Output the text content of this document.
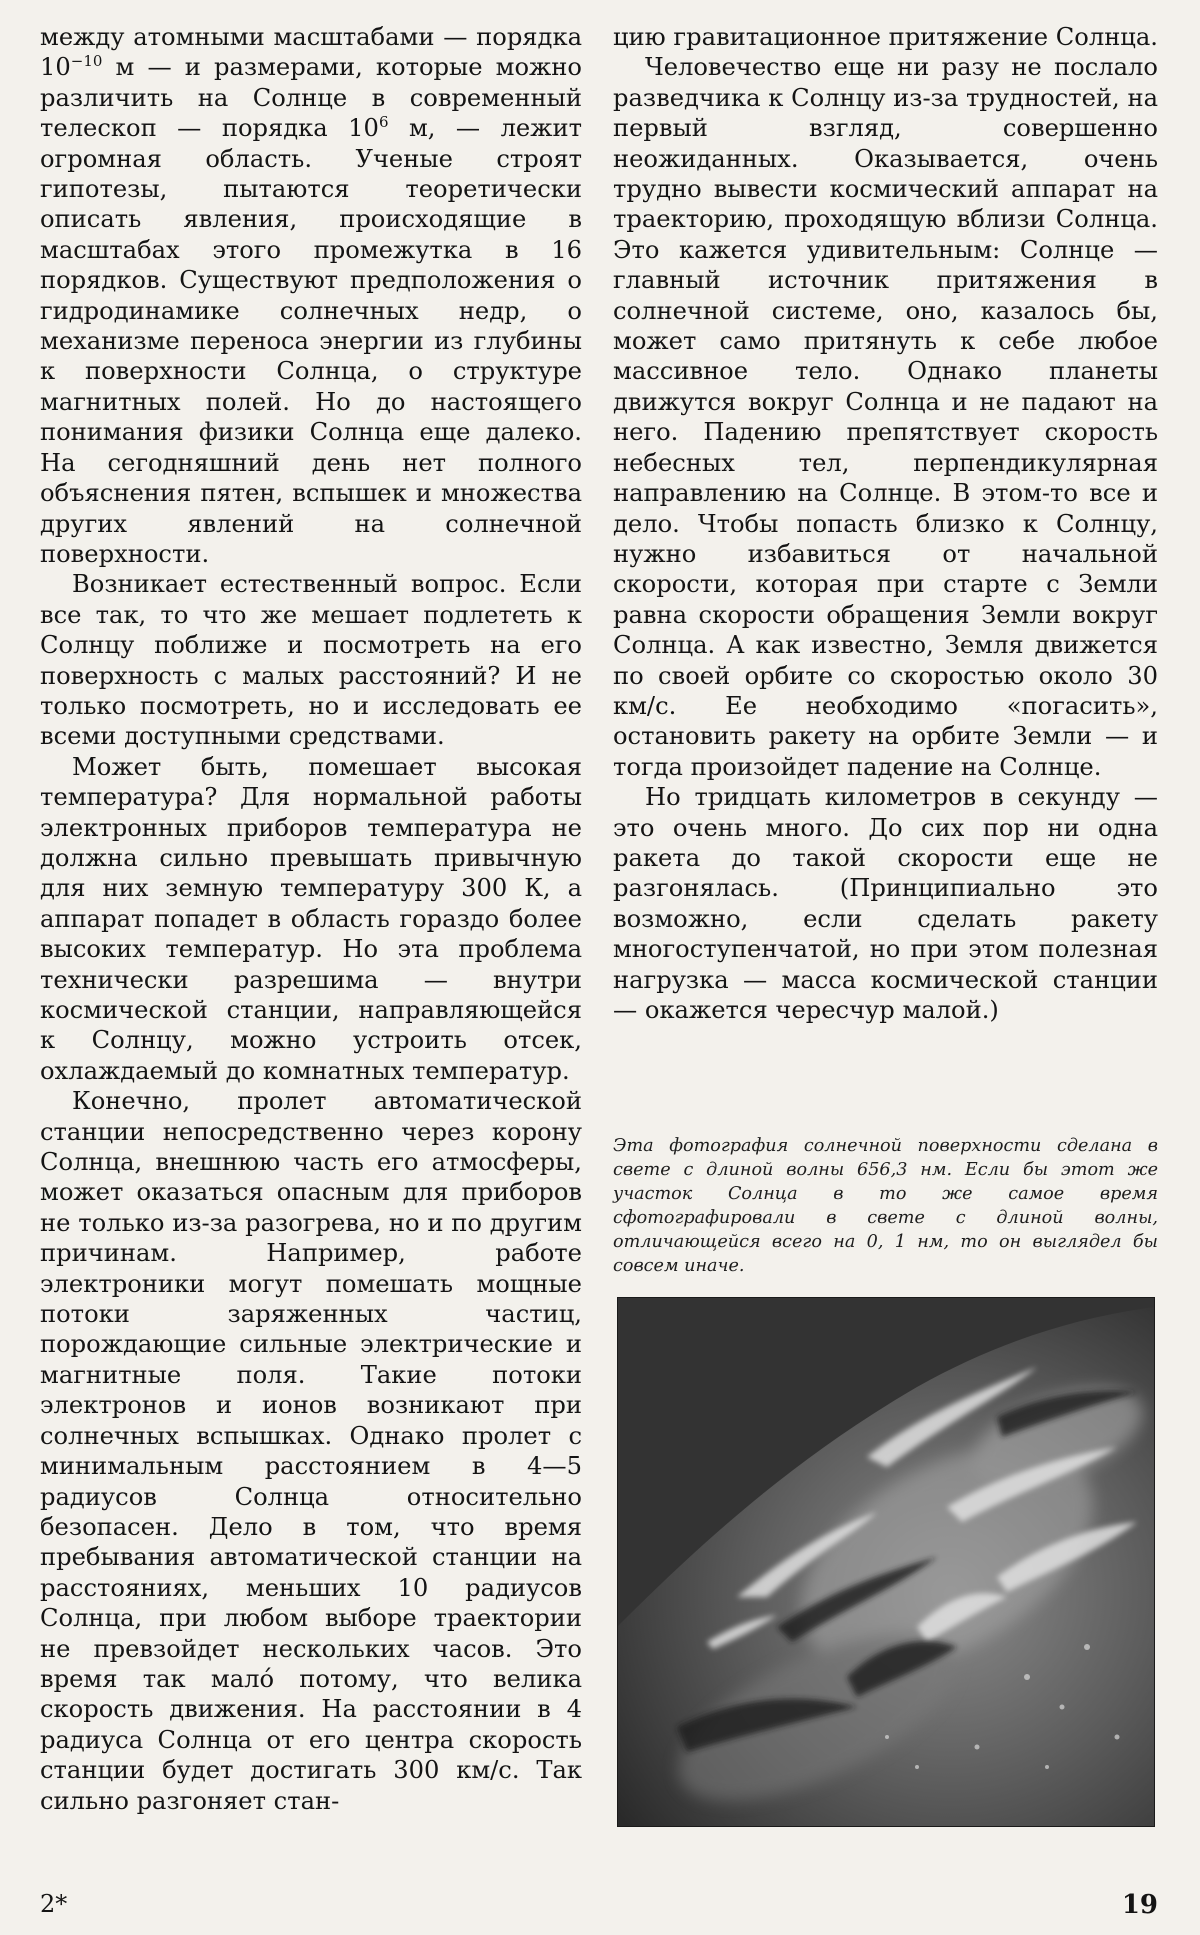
между атомными масштабами — порядка $10^{-10}$ м — и размерами, которые можно различить на Солнце в современный телескоп — порядка $10^6$ м, — лежит огромная область. Ученые строят гипотезы, пытаются теоретически описать явления, происходящие в масштабах этого промежутка в 16 порядков. Существуют предположения о гидродинамике солнечных недр, о механизме переноса энергии из глубины к поверхности Солнца, о структуре магнитных полей. Но до настоящего понимания физики Солнца еще далеко. На сегодняшний день нет полного объяснения пятен, вспышек и множества других явлений на солнечной поверхности.

Возникает естественный вопрос. Если все так, то что же мешает подлететь к Солнцу поближе и посмотреть на его поверхность с малых расстояний? И не только посмотреть, но и исследовать ее всеми доступными средствами.

Может быть, помешает высокая температура? Для нормальной работы электронных приборов температура не должна сильно превышать привычную для них земную температуру 300 К, а аппарат попадет в область гораздо более высоких температур. Но эта проблема технически разрешима — внутри космической станции, направляющейся к Солнцу, можно устроить отсек, охлаждаемый до комнатных температур.

Конечно, пролет автоматической станции непосредственно через корону Солнца, внешнюю часть его атмосферы, может оказаться опасным для приборов не только из-за разогрева, но и по другим причинам. Например, работе электроники могут помешать мощные потоки заряженных частиц, порождающие сильные электрические и магнитные поля. Такие потоки электронов и ионов возникают при солнечных вспышках. Однако пролет с минимальным расстоянием в 4—5 радиусов Солнца относительно безопасен. Дело в том, что время пребывания автоматической станции на расстояниях, меньших 10 радиусов Солнца, при любом выборе траектории не превзойдет нескольких часов. Это время так мало́ потому, что велика скорость движения. На расстоянии в 4 радиуса Солнца от его центра скорость станции будет достигать 300 км/с. Так сильно разгоняет стан-

цию гравитационное притяжение Солнца.

Человечество еще ни разу не послало разведчика к Солнцу из-за трудностей, на первый взгляд, совершенно неожиданных. Оказывается, очень трудно вывести космический аппарат на траекторию, проходящую вблизи Солнца. Это кажется удивительным: Солнце — главный источник притяжения в солнечной системе, оно, казалось бы, может само притянуть к себе любое массивное тело. Однако планеты движутся вокруг Солнца и не падают на него. Падению препятствует скорость небесных тел, перпендикулярная направлению на Солнце. В этом-то все и дело. Чтобы попасть близко к Солнцу, нужно избавиться от начальной скорости, которая при старте с Земли равна скорости обращения Земли вокруг Солнца. А как известно, Земля движется по своей орбите со скоростью около 30 км/с. Ее необходимо «погасить», остановить ракету на орбите Земли — и тогда произойдет падение на Солнце.

Но тридцать километров в секунду — это очень много. До сих пор ни одна ракета до такой скорости еще не разгонялась. (Принципиально это возможно, если сделать ракету многоступенчатой, но при этом полезная нагрузка — масса космической станции — окажется чересчур малой.)

Эта фотография солнечной поверхности сделана в свете с длиной волны 656,3 нм. Если бы этот же участок Солнца в то же самое время сфотографировали в свете с длиной волны, отличающейся всего на 0, 1 нм, то он выглядел бы совсем иначе.
2*	19
